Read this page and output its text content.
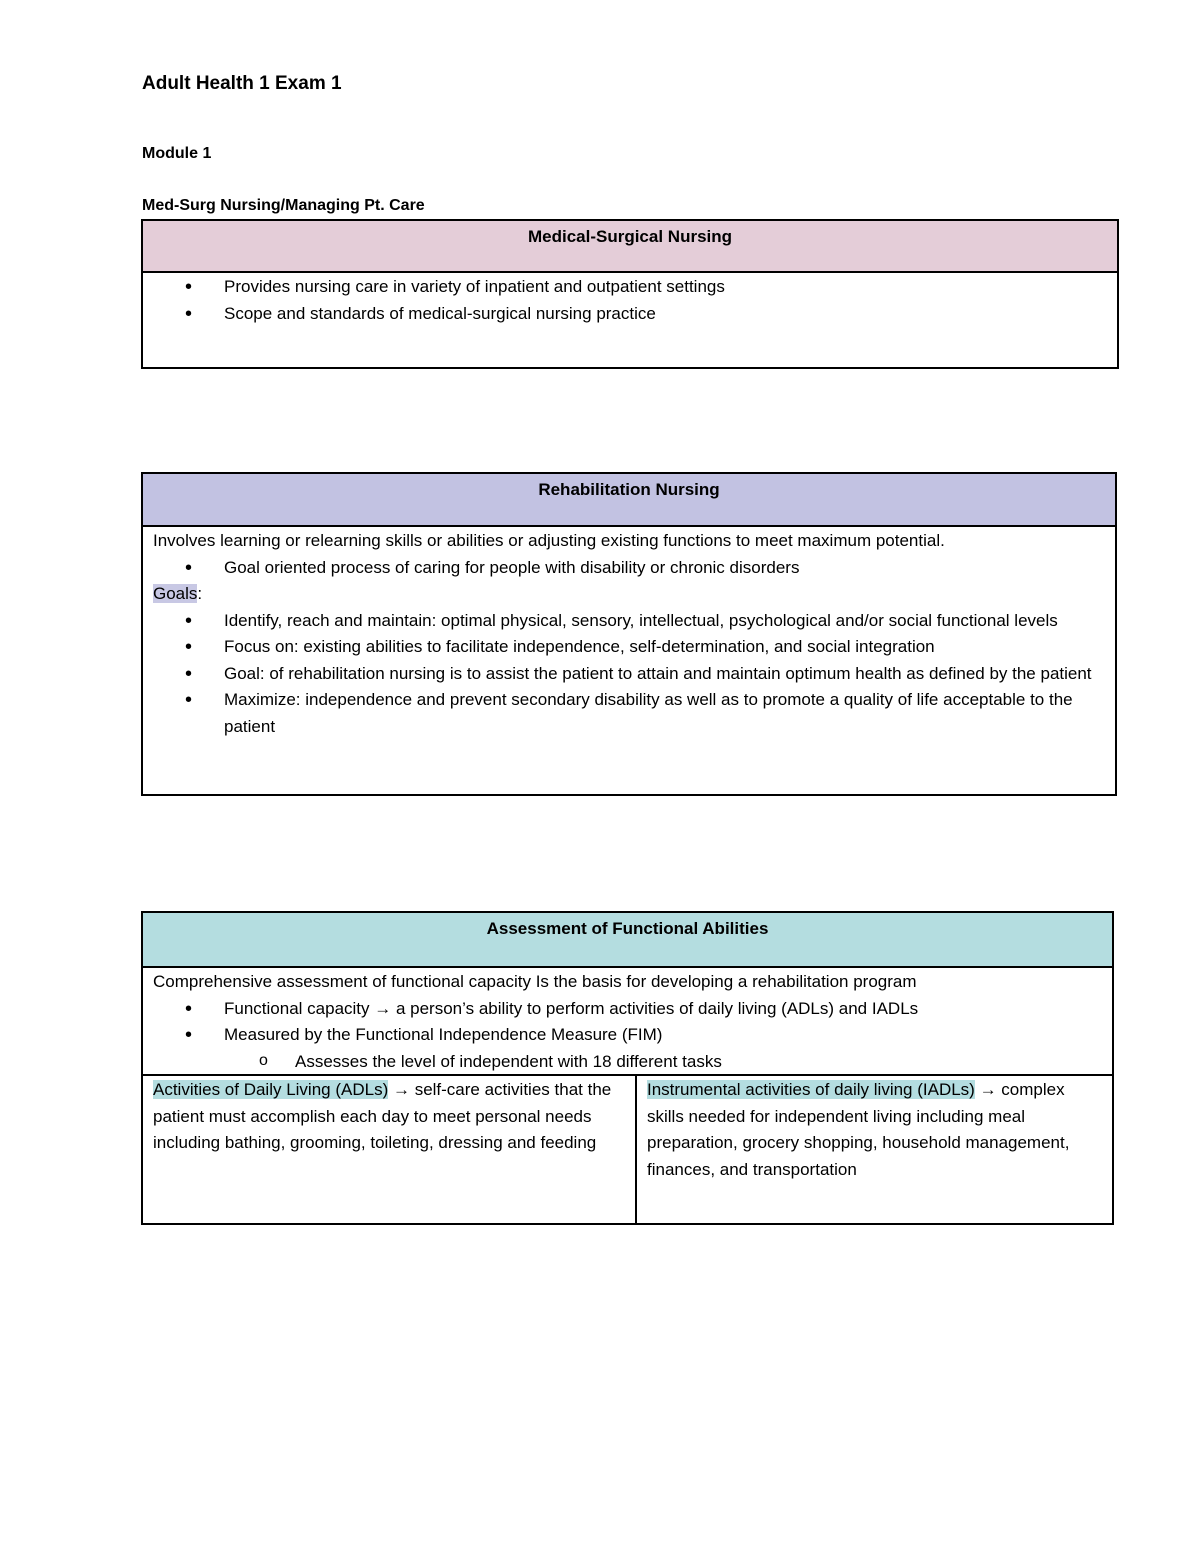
Adult Health 1 Exam 1
Module 1
Med-Surg Nursing/Managing Pt. Care
Medical-Surgical Nursing
• Provides nursing care in variety of inpatient and outpatient settings
• Scope and standards of medical-surgical nursing practice
Rehabilitation Nursing
Involves learning or relearning skills or abilities or adjusting existing functions to meet maximum potential.
• Goal oriented process of caring for people with disability or chronic disorders
Goals:
• Identify, reach and maintain: optimal physical, sensory, intellectual, psychological and/or social functional levels
• Focus on: existing abilities to facilitate independence, self-determination, and social integration
• Goal: of rehabilitation nursing is to assist the patient to attain and maintain optimum health as defined by the patient
• Maximize: independence and prevent secondary disability as well as to promote a quality of life acceptable to the patient
Assessment of Functional Abilities
Comprehensive assessment of functional capacity Is the basis for developing a rehabilitation program
• Functional capacity → a person’s ability to perform activities of daily living (ADLs) and IADLs
• Measured by the Functional Independence Measure (FIM)
o Assesses the level of independent with 18 different tasks
Activities of Daily Living (ADLs) → self-care activities that the patient must accomplish each day to meet personal needs including bathing, grooming, toileting, dressing and feeding
Instrumental activities of daily living (IADLs) → complex skills needed for independent living including meal preparation, grocery shopping, household management, finances, and transportation
